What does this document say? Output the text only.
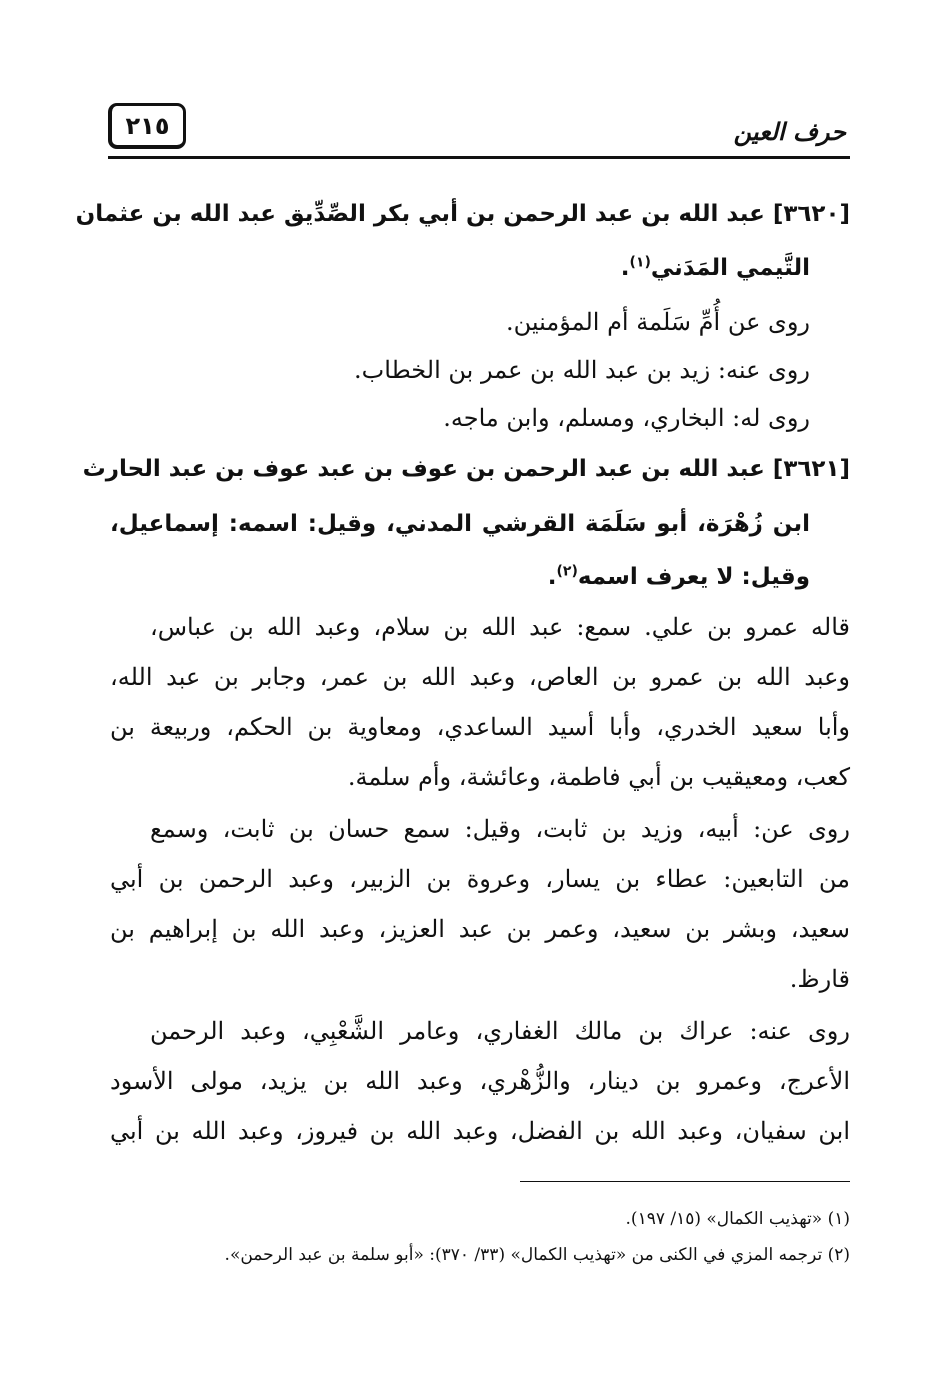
٢١٥	حرف العين
[٣٦٢٠] عبد الله بن عبد الرحمن بن أبي بكر الصِّدِّيق عبد الله بن عثمان
التَّيمي المَدَني$^{(١)}$.
روى عن أُمِّ سَلَمة أم المؤمنين.
روى عنه: زيد بن عبد الله بن عمر بن الخطاب.
روى له: البخاري، ومسلم، وابن ماجه.
[٣٦٢١] عبد الله بن عبد الرحمن بن عوف بن عبد عوف بن عبد الحارث
ابن زُهْرَة، أبو سَلَمَة القرشي المدني، وقيل: اسمه: إسماعيل،
وقيل: لا يعرف اسمه$^{(٢)}$.
قاله عمرو بن علي. سمع: عبد الله بن سلام، وعبد الله بن عباس،
وعبد الله بن عمرو بن العاص، وعبد الله بن عمر، وجابر بن عبد الله،
وأبا سعيد الخدري، وأبا أسيد الساعدي، ومعاوية بن الحكم، وربيعة بن
كعب، ومعيقيب بن أبي فاطمة، وعائشة، وأم سلمة.
روى عن: أبيه، وزيد بن ثابت، وقيل: سمع حسان بن ثابت، وسمع
من التابعين: عطاء بن يسار، وعروة بن الزبير، وعبد الرحمن بن أبي
سعيد، وبشر بن سعيد، وعمر بن عبد العزيز، وعبد الله بن إبراهيم بن
قارظ.
روى عنه: عراك بن مالك الغفاري، وعامر الشَّعْبِي، وعبد الرحمن
الأعرج، وعمرو بن دينار، والزُّهْري، وعبد الله بن يزيد، مولى الأسود
ابن سفيان، وعبد الله بن الفضل، وعبد الله بن فيروز، وعبد الله بن أبي
(١) «تهذيب الكمال» (١٥/ ١٩٧).
(٢) ترجمه المزي في الكنى من «تهذيب الكمال» (٣٣/ ٣٧٠): «أبو سلمة بن عبد الرحمن».
